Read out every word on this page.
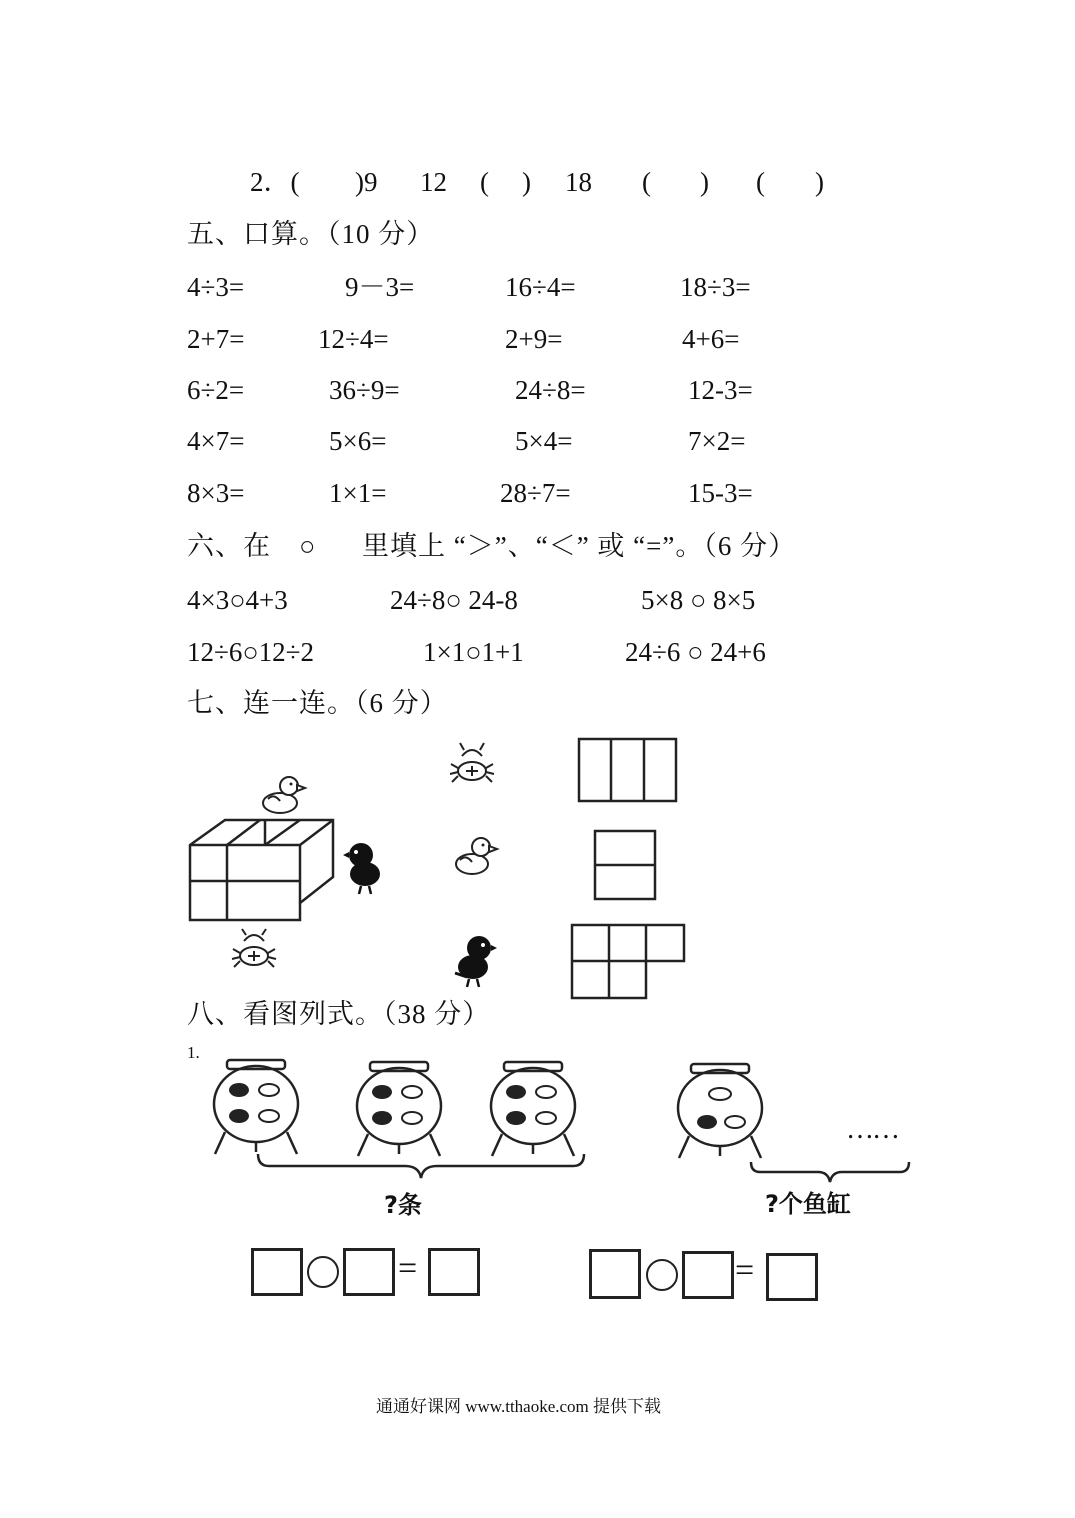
2．( )9 12 ( ) 18 ( ) ( )
五、口算。（10 分）
4÷3=	9－3=	16÷4=	18÷3=
2+7=	12÷4=	2+9=	4+6=
6÷2=	36÷9=	24÷8=	12-3=
4×7=	5×6=	5×4=	7×2=
8×3=	1×1=	28÷7=	15-3=
六、在 ○ 里填上 “＞”、“＜” 或 “=”。（6 分）
4×3○4+3	24÷8○ 24-8	5×8 ○ 8×5
12÷6○12÷2	1×1○1+1	24÷6 ○ 24+6
七、连一连。（6 分）
八、看图列式。（38 分）
1.
……
?条	?个鱼缸
=	=
通通好课网 www.tthaoke.com 提供下载
